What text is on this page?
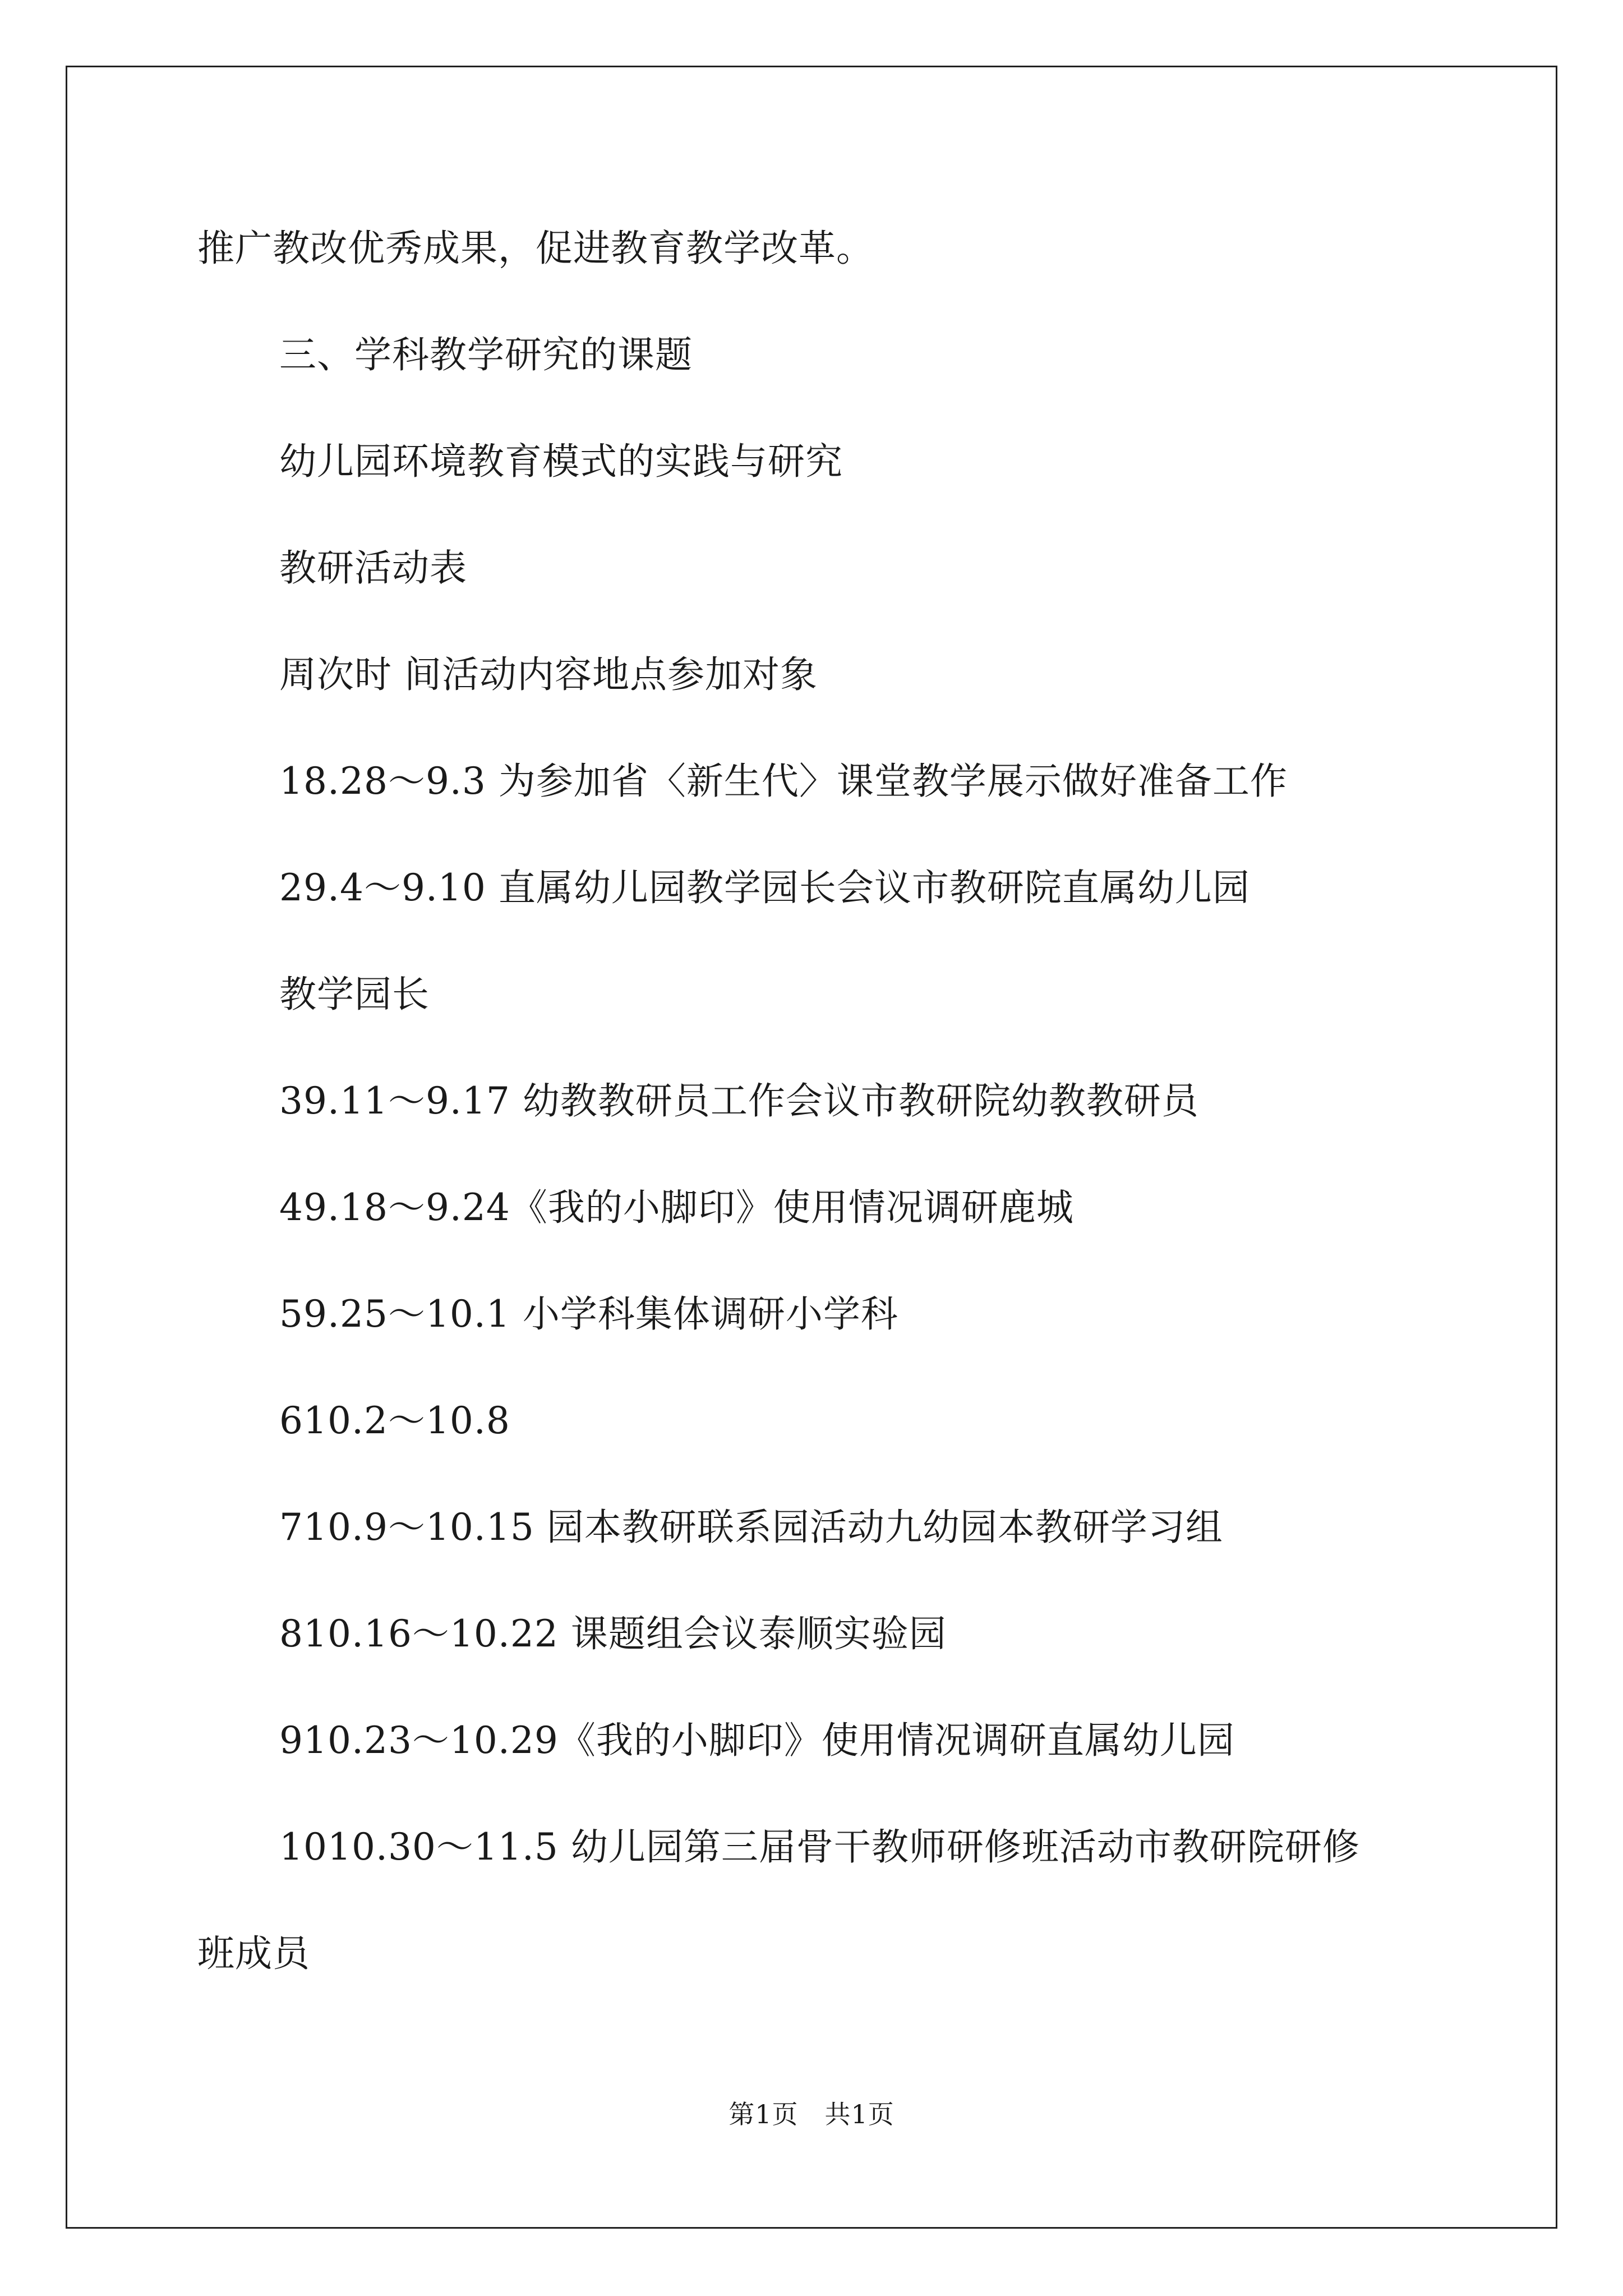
推广教改优秀成果，促进教育教学改革。
三、学科教学研究的课题
幼儿园环境教育模式的实践与研究
教研活动表
周次时 间活动内容地点参加对象
18.28～9.3 为参加省〈新生代〉课堂教学展示做好准备工作
29.4～9.10 直属幼儿园教学园长会议市教研院直属幼儿园
教学园长
39.11～9.17 幼教教研员工作会议市教研院幼教教研员
49.18～9.24《我的小脚印》使用情况调研鹿城
59.25～10.1 小学科集体调研小学科
610.2～10.8
710.9～10.15 园本教研联系园活动九幼园本教研学习组
810.16～10.22 课题组会议泰顺实验园
910.23～10.29《我的小脚印》使用情况调研直属幼儿园
1010.30～11.5 幼儿园第三届骨干教师研修班活动市教研院研修
班成员
第1页　共1页
